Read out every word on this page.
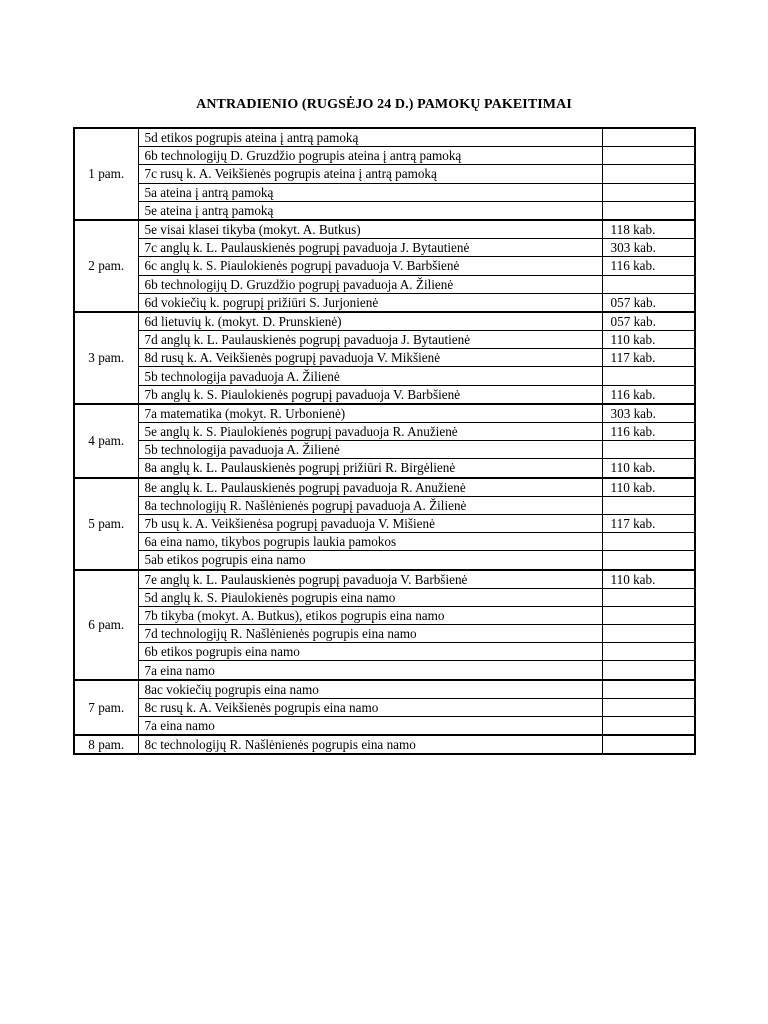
ANTRADIENIO (RUGSĖJO 24 D.) PAMOKŲ PAKEITIMAI
1 pam.	5d etikos pogrupis ateina į antrą pamoką	
	6b technologijų D. Gruzdžio pogrupis ateina į antrą pamoką	
	7c rusų k. A. Veikšienės pogrupis ateina į antrą pamoką	
	5a ateina į antrą pamoką	
	5e ateina į antrą pamoką	
2 pam.	5e visai klasei tikyba (mokyt. A. Butkus)	118 kab.
	7c anglų k. L. Paulauskienės pogrupį pavaduoja J. Bytautienė	303 kab.
	6c anglų k. S. Piaulokienės pogrupį pavaduoja V. Barbšienė	116 kab.
	6b technologijų D. Gruzdžio pogrupį pavaduoja A. Žilienė	
	6d vokiečių k. pogrupį prižiūri S. Jurjonienė	057 kab.
3 pam.	6d lietuvių k. (mokyt. D. Prunskienė)	057 kab.
	7d anglų k. L. Paulauskienės pogrupį pavaduoja J. Bytautienė	110 kab.
	8d rusų k. A. Veikšienės pogrupį pavaduoja V. Mikšienė	117 kab.
	5b technologija pavaduoja A. Žilienė	
	7b anglų k. S. Piaulokienės pogrupį pavaduoja V. Barbšienė	116 kab.
4 pam.	7a matematika (mokyt. R. Urbonienė)	303 kab.
	5e anglų k. S. Piaulokienės pogrupį pavaduoja R. Anužienė	116 kab.
	5b technologija pavaduoja A. Žilienė	
	8a anglų k. L. Paulauskienės pogrupį prižiūri R. Birgėlienė	110 kab.
5 pam.	8e anglų k. L. Paulauskienės pogrupį pavaduoja R. Anužienė	110 kab.
	8a technologijų R. Našlėnienės pogrupį pavaduoja A. Žilienė	
	7b usų k. A. Veikšienėsa pogrupį pavaduoja V. Mišienė	117 kab.
	6a eina namo, tikybos pogrupis laukia pamokos	
	5ab etikos pogrupis eina namo	
6 pam.	7e anglų k. L. Paulauskienės pogrupį pavaduoja V. Barbšienė	110 kab.
	5d anglų k. S. Piaulokienės pogrupis eina namo	
	7b tikyba (mokyt. A. Butkus), etikos pogrupis eina namo	
	7d technologijų R. Našlėnienės pogrupis eina namo	
	6b etikos pogrupis eina namo	
	7a eina namo	
7 pam.	8ac vokiečių pogrupis eina namo	
	8c rusų k. A. Veikšienės pogrupis eina namo	
	7a eina namo	
8 pam.	8c technologijų R. Našlėnienės pogrupis eina namo	
